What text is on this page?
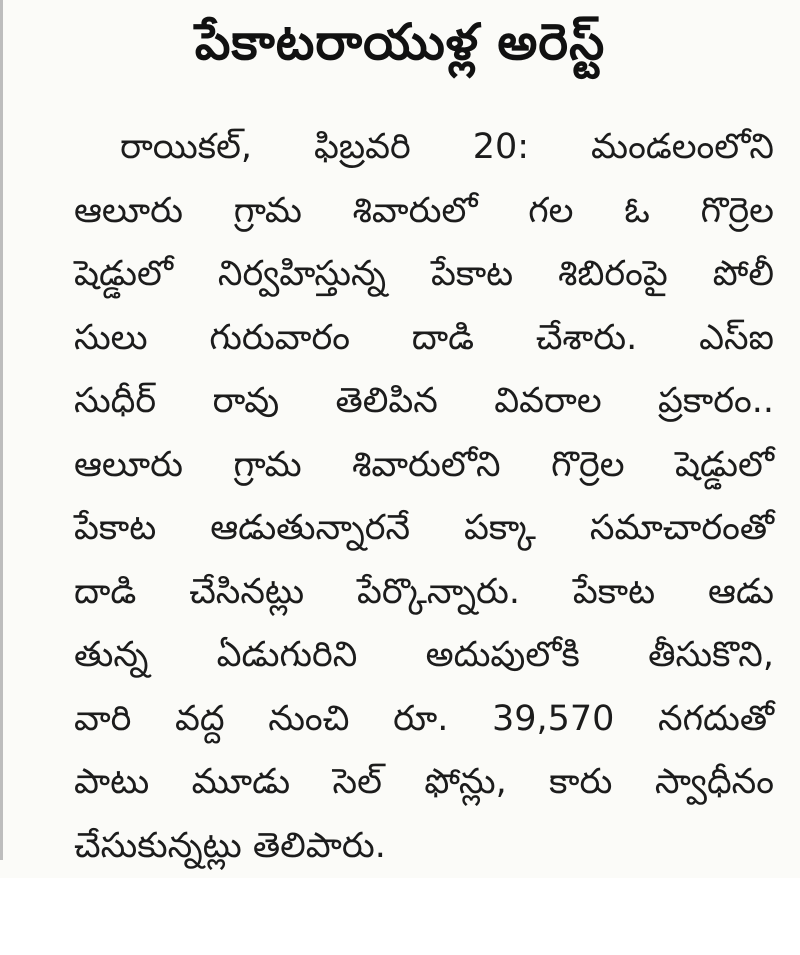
పేకాటరాయుళ్ల అరెస్ట్
రాయికల్, ఫిబ్రవరి 20: మండలంలోని
ఆలూరు గ్రామ శివారులో గల ఓ గొర్రెల
షెడ్డులో నిర్వహిస్తున్న పేకాట శిబిరంపై పోలీ
సులు గురువారం దాడి చేశారు. ఎస్ఐ
సుధీర్ రావు తెలిపిన వివరాల ప్రకారం..
ఆలూరు గ్రామ శివారులోని గొర్రెల షెడ్డులో
పేకాట ఆడుతున్నారనే పక్కా సమాచారంతో
దాడి చేసినట్లు పేర్కొన్నారు. పేకాట ఆడు
తున్న ఏడుగురిని అదుపులోకి తీసుకొని,
వారి వద్ద నుంచి రూ. 39,570 నగదుతో
పాటు మూడు సెల్ ఫోన్లు, కారు స్వాధీనం
చేసుకున్నట్లు తెలిపారు.
